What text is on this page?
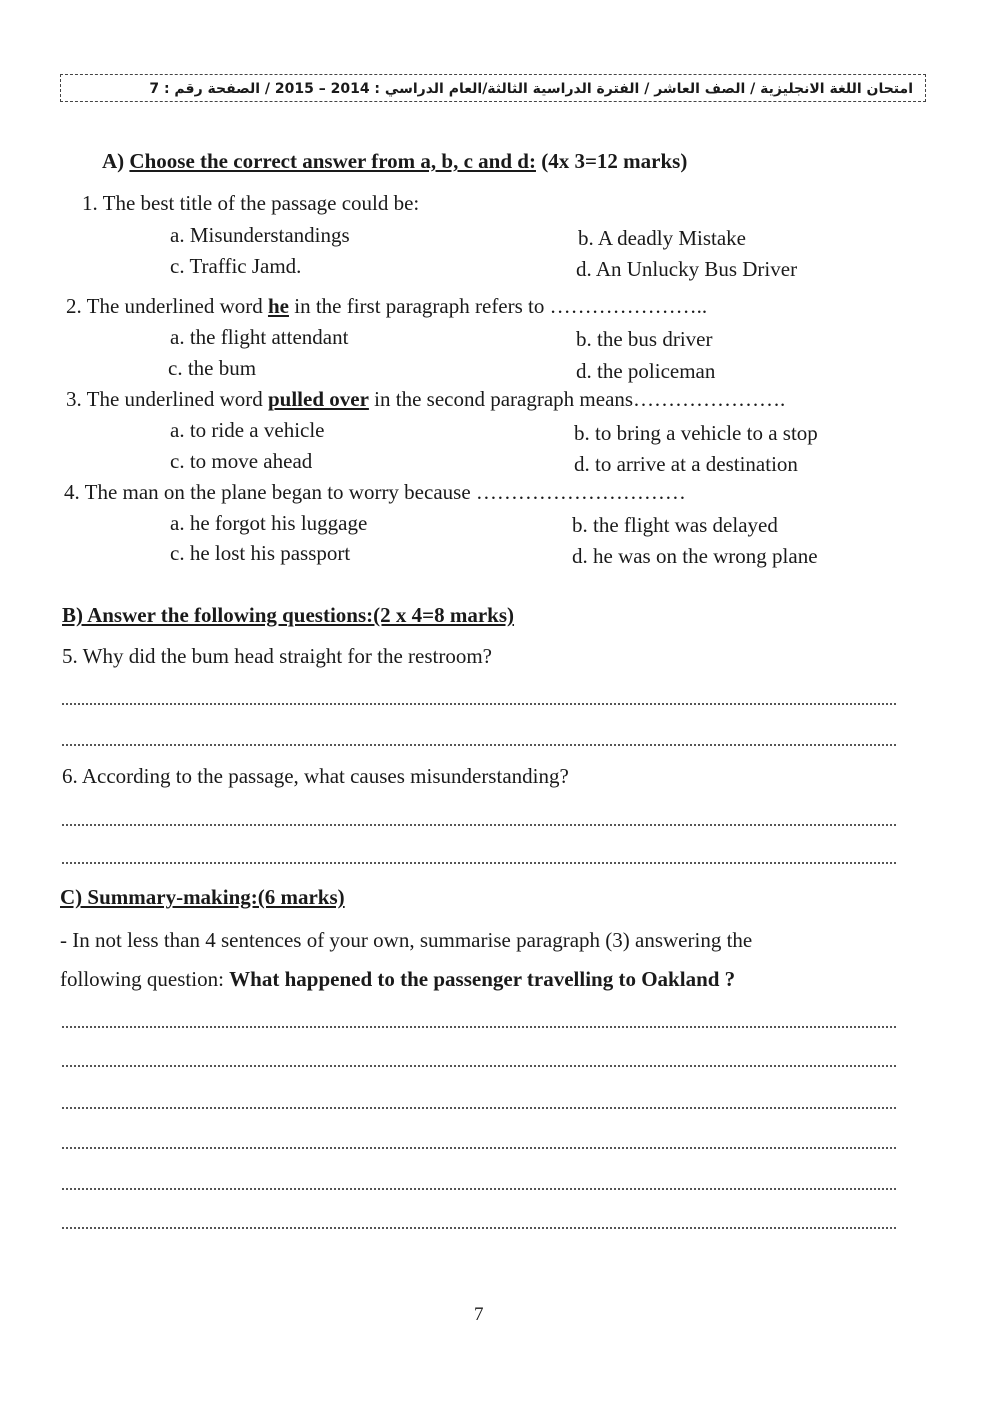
امتحان اللغة الانجليزية / الصف العاشر / الفترة الدراسية الثالثة/العام الدراسي : 2014 – 2015 / الصفحة رقم : 7
A) Choose the correct answer from a, b, c and d: (4x 3=12 marks)
1. The best title of the passage could be:
a. Misunderstandings	b. A deadly Mistake
c. Traffic Jamd.	d. An Unlucky Bus Driver
2. The underlined word he in the first paragraph refers to …………………..
a. the flight attendant	b. the bus driver
c. the bum	d. the policeman
3. The underlined word pulled over in the second paragraph means………………….
a. to ride a vehicle	b. to bring a vehicle to a stop
c. to move ahead	d. to arrive at a destination
4. The man on the plane began to worry because …………………………
a. he forgot his luggage	b. the flight was delayed
c. he lost his passport	d. he was on the wrong plane
B) Answer the following questions:(2 x 4=8 marks)
5. Why did the bum head straight for the restroom?
6. According to the passage, what causes misunderstanding?
C) Summary-making:(6 marks)
- In not less than 4 sentences of your own, summarise paragraph (3) answering the
following question: What happened to the passenger travelling to Oakland ?
7
